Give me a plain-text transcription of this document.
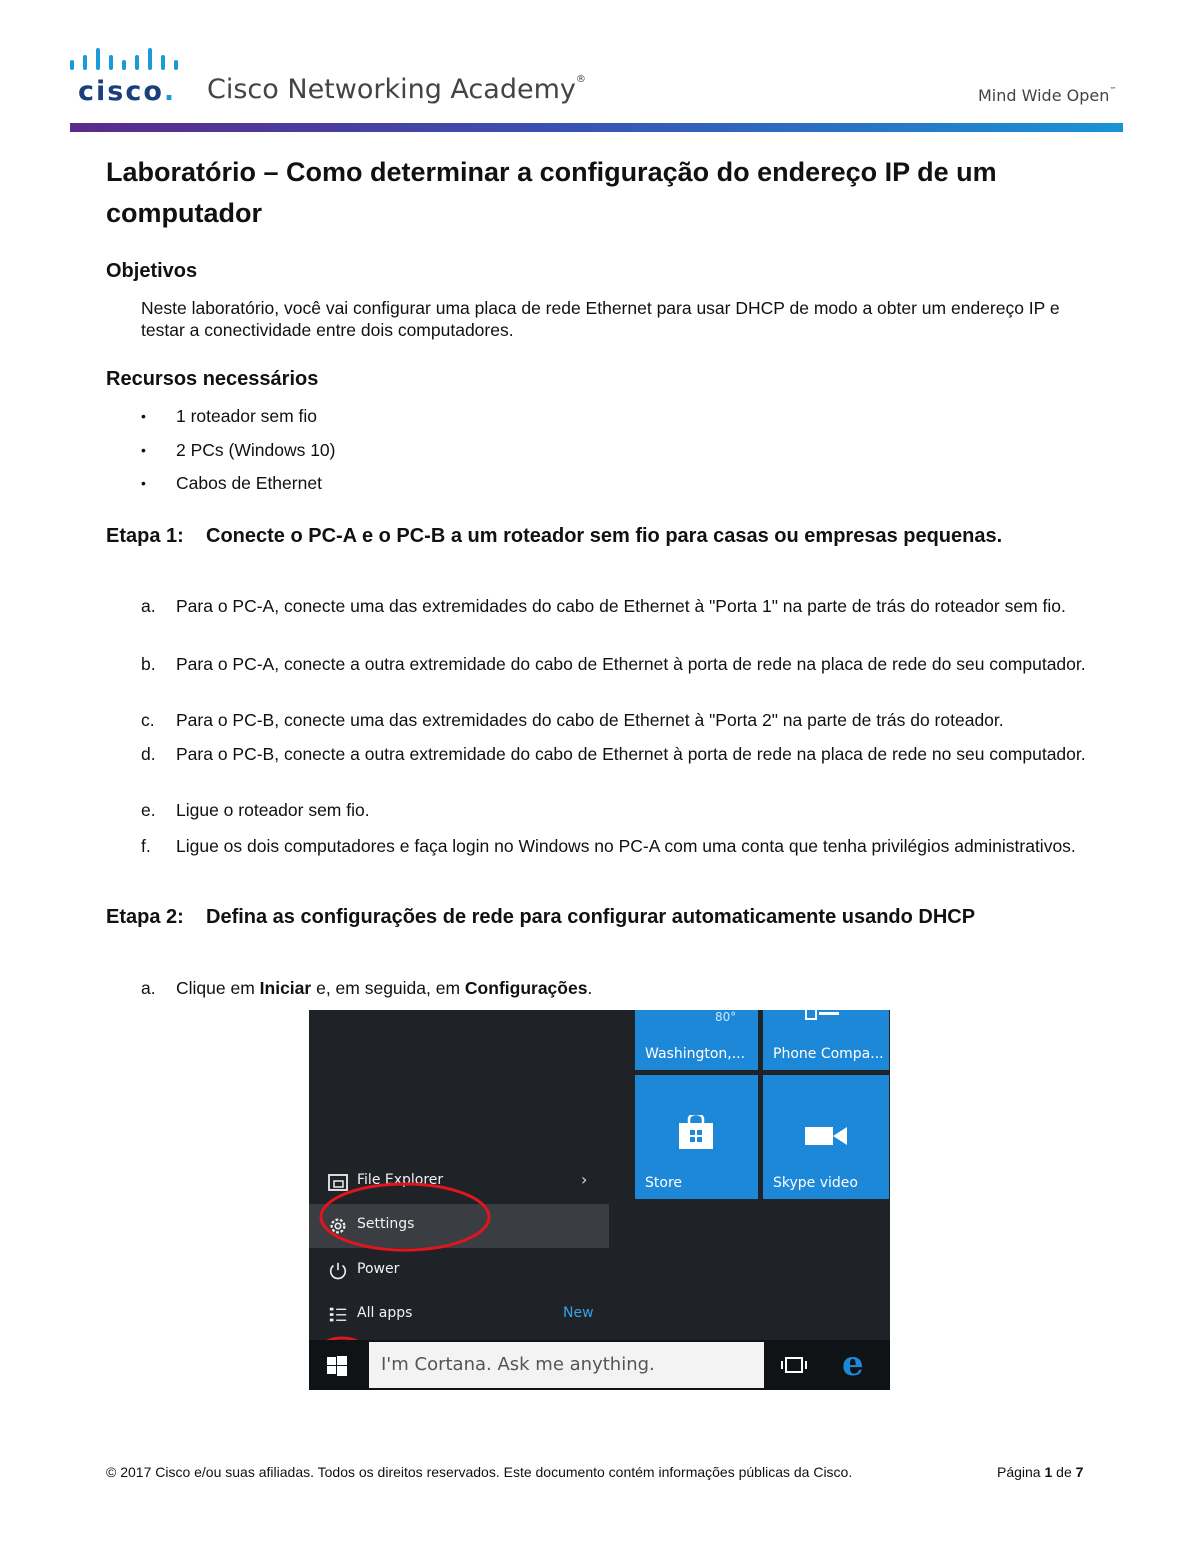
cisco. Cisco Networking Academy®
Mind Wide Open™
Laboratório – Como determinar a configuração do endereço IP de um computador
Objetivos

Neste laboratório, você vai configurar uma placa de rede Ethernet para usar DHCP de modo a obter um endereço IP e testar a conectividade entre dois computadores.

Recursos necessários
• 1 roteador sem fio
• 2 PCs (Windows 10)
• Cabos de Ethernet
Etapa 1: Conecte o PC-A e o PC-B a um roteador sem fio para casas ou empresas pequenas.
a. Para o PC-A, conecte uma das extremidades do cabo de Ethernet à "Porta 1" na parte de trás do roteador sem fio.
b. Para o PC-A, conecte a outra extremidade do cabo de Ethernet à porta de rede na placa de rede do seu computador.
c. Para o PC-B, conecte uma das extremidades do cabo de Ethernet à "Porta 2" na parte de trás do roteador.
d. Para o PC-B, conecte a outra extremidade do cabo de Ethernet à porta de rede na placa de rede no seu computador.
e. Ligue o roteador sem fio.
f. Ligue os dois computadores e faça login no Windows no PC-A com uma conta que tenha privilégios administrativos.
Etapa 2: Defina as configurações de rede para configurar automaticamente usando DHCP
a. Clique em Iniciar e, em seguida, em Configurações.
80°
Washington,... Phone Compa...
Store	Skype video
File Explorer	›
Settings
Power
All apps	New
I'm Cortana. Ask me anything.	e
© 2017 Cisco e/ou suas afiliadas. Todos os direitos reservados. Este documento contém informações públicas da Cisco.	Página 1 de 7
